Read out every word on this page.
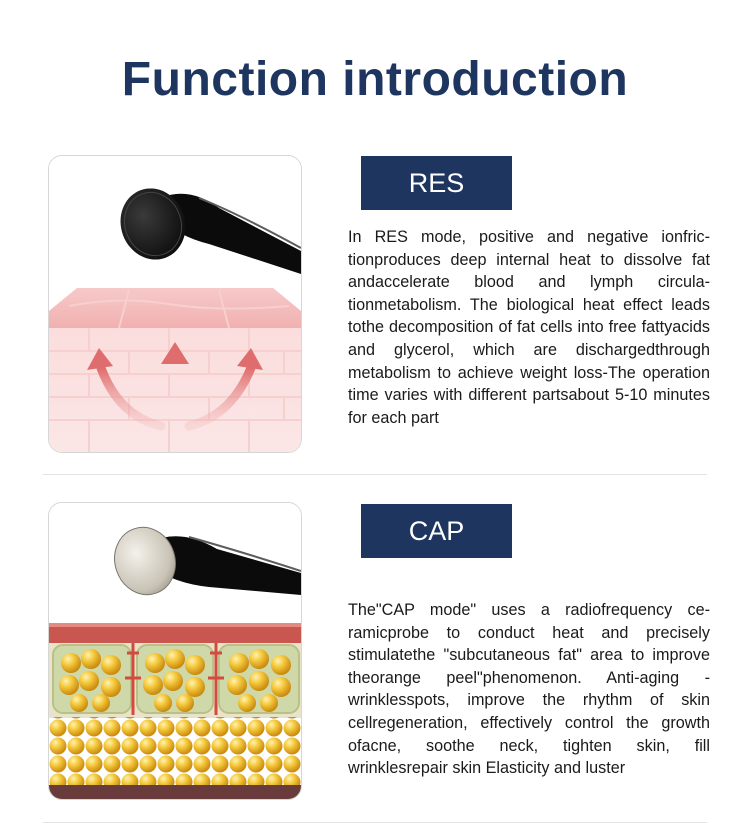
Function introduction
RES

In RES mode, positive and negative ionfrictionproduces deep internal heat to dissolve fat andaccelerate blood and lymph circulationmetabolism. The biological heat effect leads tothe decomposition of fat cells into free fattyacids and glycerol, which are dischargedthrough metabolism to achieve weight loss-The operation time varies with different partsabout 5-10 minutes for each part

CAP

The"CAP mode" uses a radiofrequency ceramicprobe to conduct heat and precisely stimulatethe "subcutaneous fat" area to improve theorange peel"phenomenon. Anti-aging - wrinklesspots, improve the rhythm of skin cellregeneration, effectively control the growth ofacne, soothe neck, tighten skin, fill wrinklesrepair skin Elasticity and luster
